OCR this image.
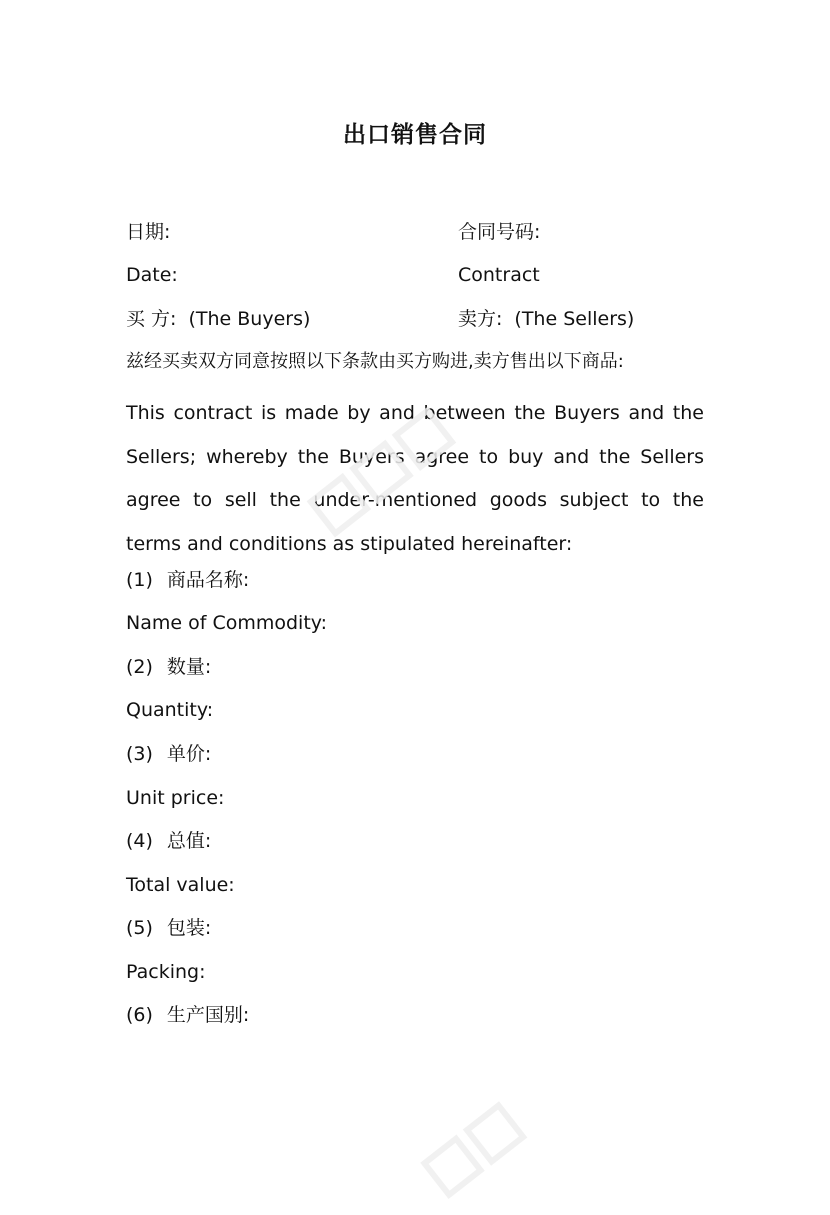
出口销售合同
日期:	合同号码:
Date:	Contract
买 方: (The Buyers)	卖方: (The Sellers)
兹经买卖双方同意按照以下条款由买方购进,卖方售出以下商品:
This contract is made by and between the Buyers and the Sellers; whereby the Buyers agree to buy and the Sellers agree to sell the under-mentioned goods subject to the terms and conditions as stipulated hereinafter:
(1) 商品名称:
Name of Commodity:
(2) 数量:
Quantity:
(3) 单价:
Unit price:
(4) 总值:
Total value:
(5) 包装:
Packing:
(6) 生产国别:
